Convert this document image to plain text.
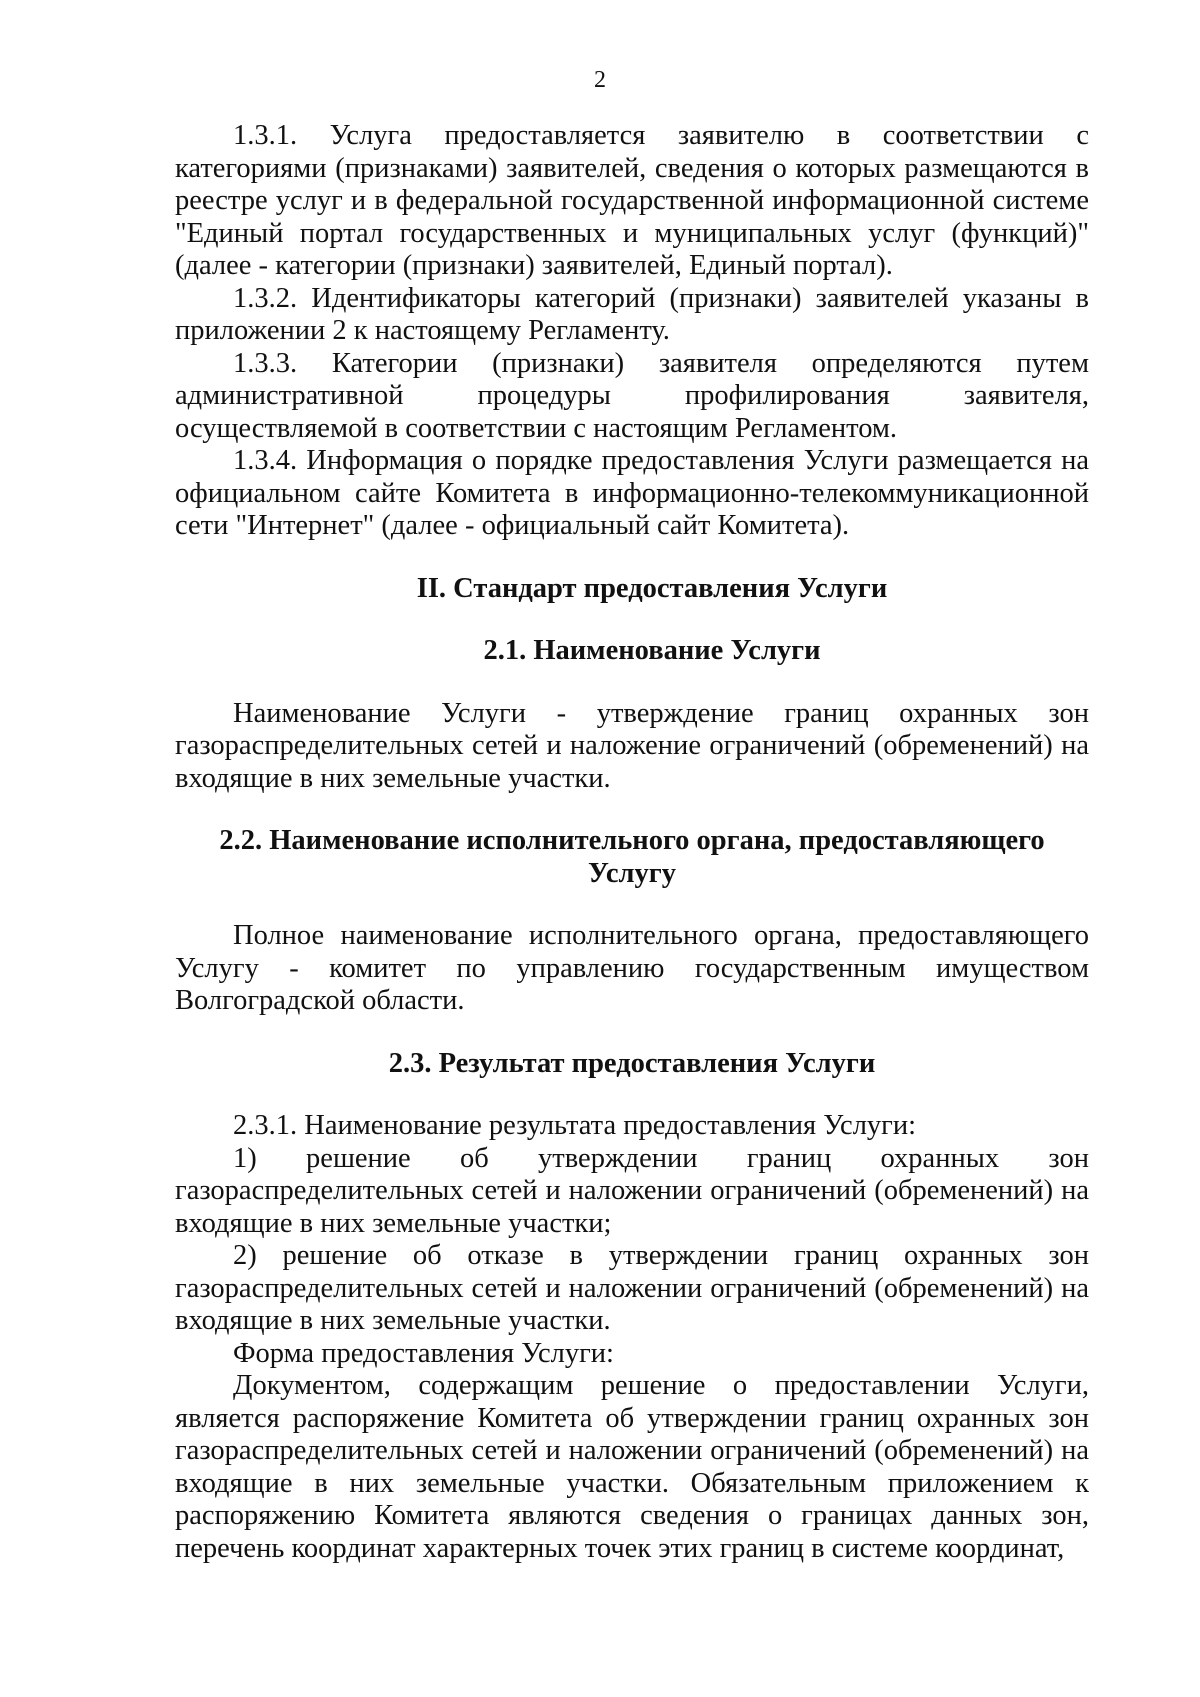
2

1.3.1. Услуга предоставляется заявителю в соответствии с категориями (признаками) заявителей, сведения о которых размещаются в реестре услуг и в федеральной государственной информационной системе "Единый портал государственных и муниципальных услуг (функций)" (далее - категории (признаки) заявителей, Единый портал).

1.3.2. Идентификаторы категорий (признаки) заявителей указаны в приложении 2 к настоящему Регламенту.

1.3.3. Категории (признаки) заявителя определяются путем административной процедуры профилирования заявителя, осуществляемой в соответствии с настоящим Регламентом.

1.3.4. Информация о порядке предоставления Услуги размещается на официальном сайте Комитета в информационно-телекоммуникационной сети "Интернет" (далее - официальный сайт Комитета).

II. Стандарт предоставления Услуги
2.1. Наименование Услуги

Наименование Услуги - утверждение границ охранных зон газораспределительных сетей и наложение ограничений (обременений) на входящие в них земельные участки.

2.2. Наименование исполнительного органа, предоставляющего Услугу

Полное наименование исполнительного органа, предоставляющего Услугу - комитет по управлению государственным имуществом Волгоградской области.

2.3. Результат предоставления Услуги

2.3.1. Наименование результата предоставления Услуги:

1) решение об утверждении границ охранных зон газораспределительных сетей и наложении ограничений (обременений) на входящие в них земельные участки;

2) решение об отказе в утверждении границ охранных зон газораспределительных сетей и наложении ограничений (обременений) на входящие в них земельные участки.

Форма предоставления Услуги:

Документом, содержащим решение о предоставлении Услуги, является распоряжение Комитета об утверждении границ охранных зон газораспределительных сетей и наложении ограничений (обременений) на входящие в них земельные участки. Обязательным приложением к распоряжению Комитета являются сведения о границах данных зон, перечень координат характерных точек этих границ в системе координат,
